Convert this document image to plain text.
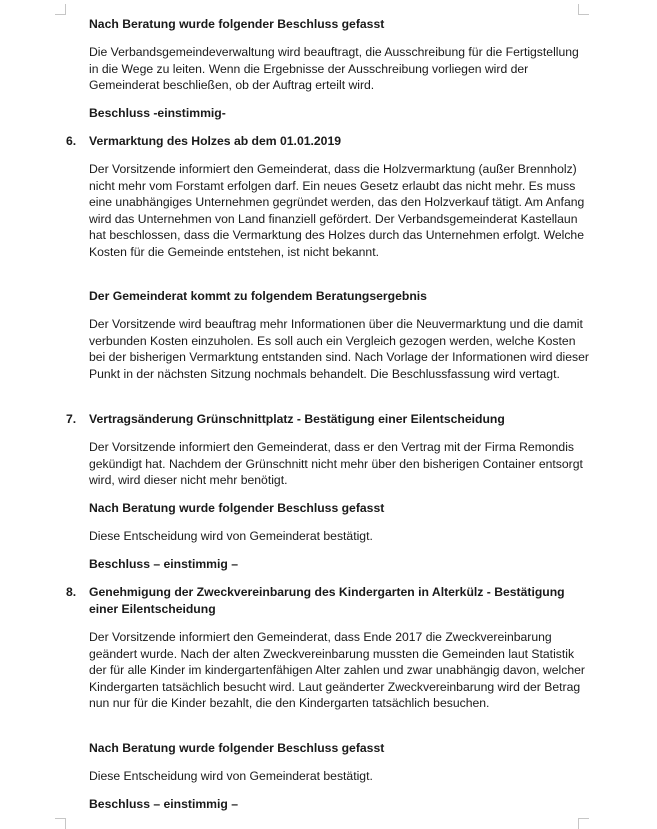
Nach Beratung wurde folgender Beschluss gefasst

Die Verbandsgemeindeverwaltung wird beauftragt, die Ausschreibung für die Fertigstellung in die Wege zu leiten. Wenn die Ergebnisse der Ausschreibung vorliegen wird der Gemeinderat beschließen, ob der Auftrag erteilt wird.

Beschluss -einstimmig-

6. Vermarktung des Holzes ab dem 01.01.2019

Der Vorsitzende informiert den Gemeinderat, dass die Holzvermarktung (außer Brennholz) nicht mehr vom Forstamt erfolgen darf. Ein neues Gesetz erlaubt das nicht mehr. Es muss eine unabhängiges Unternehmen gegründet werden, das den Holzverkauf tätigt. Am Anfang wird das Unternehmen von Land finanziell gefördert. Der Verbandsgemeinderat Kastellaun hat beschlossen, dass die Vermarktung des Holzes durch das Unternehmen erfolgt. Welche Kosten für die Gemeinde entstehen, ist nicht bekannt.

Der Gemeinderat kommt zu folgendem Beratungsergebnis

Der Vorsitzende wird beauftrag mehr Informationen über die Neuvermarktung und die damit verbunden Kosten einzuholen. Es soll auch ein Vergleich gezogen werden, welche Kosten bei der bisherigen Vermarktung entstanden sind. Nach Vorlage der Informationen wird dieser Punkt in der nächsten Sitzung nochmals behandelt. Die Beschlussfassung wird vertagt.

7. Vertragsänderung Grünschnittplatz - Bestätigung einer Eilentscheidung

Der Vorsitzende informiert den Gemeinderat, dass er den Vertrag mit der Firma Remondis gekündigt hat. Nachdem der Grünschnitt nicht mehr über den bisherigen Container entsorgt wird, wird dieser nicht mehr benötigt.

Nach Beratung wurde folgender Beschluss gefasst

Diese Entscheidung wird von Gemeinderat bestätigt.

Beschluss – einstimmig –

8. Genehmigung der Zweckvereinbarung des Kindergarten in Alterkülz - Bestätigung einer Eilentscheidung

Der Vorsitzende informiert den Gemeinderat, dass Ende 2017 die Zweckvereinbarung geändert wurde. Nach der alten Zweckvereinbarung mussten die Gemeinden laut Statistik der für alle Kinder im kindergartenfähigen Alter zahlen und zwar unabhängig davon, welcher Kindergarten tatsächlich besucht wird. Laut geänderter Zweckvereinbarung wird der Betrag nun nur für die Kinder bezahlt, die den Kindergarten tatsächlich besuchen.

Nach Beratung wurde folgender Beschluss gefasst

Diese Entscheidung wird von Gemeinderat bestätigt.

Beschluss – einstimmig –
